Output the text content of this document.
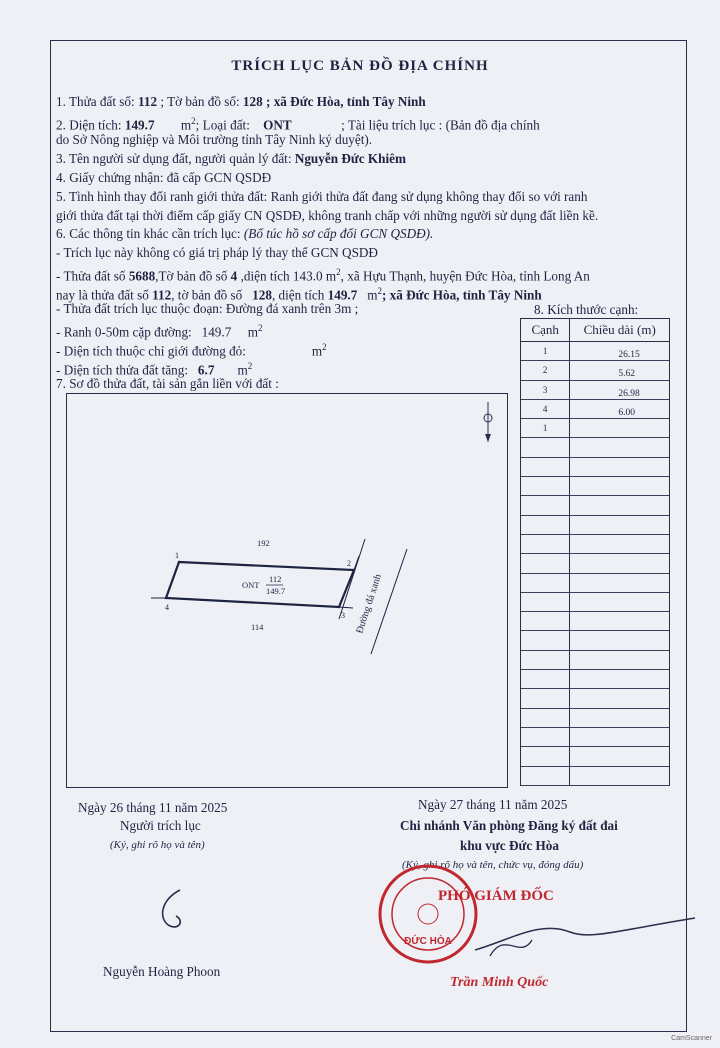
TRÍCH LỤC BẢN ĐỒ ĐỊA CHÍNH
1. Thửa đất số: 112 ; Tờ bản đồ số: 128 ; xã Đức Hòa, tỉnh Tây Ninh
2. Diện tích: 149.7 $m^2$; Loại đất: ONT	; Tài liệu trích lục : (Bản đồ địa chính
do Sở Nông nghiệp và Môi trường tỉnh Tây Ninh ký duyệt).
3. Tên người sử dụng đất, người quản lý đất: Nguyễn Đức Khiêm
4. Giấy chứng nhận: đã cấp GCN QSDĐ
5. Tình hình thay đổi ranh giới thửa đất: Ranh giới thửa đất đang sử dụng không thay đổi so với ranh
giới thửa đất tại thời điểm cấp giấy CN QSDĐ, không tranh chấp với những người sử dụng đất liền kề.
6. Các thông tin khác cần trích lục: (Bổ túc hồ sơ cấp đổi GCN QSDĐ).
- Trích lục này không có giá trị pháp lý thay thế GCN QSDĐ
- Thửa đất số 5688,Tờ bản đồ số 4 ,diện tích 143.0 $m^2$, xã Hựu Thạnh, huyện Đức Hòa, tỉnh Long An
nay là thửa đất số 112, tờ bản đồ số 128, diện tích 149.7 $m^2$; xã Đức Hòa, tỉnh Tây Ninh
- Thửa đất trích lục thuộc đoạn: Đường đá xanh trên 3m ;
- Ranh 0-50m cặp đường: 149.7 $m^2$
- Diện tích thuộc chỉ giới đường đỏ:	$m^2$
- Diện tích thửa đất tăng: 6.7 $m^2$
7. Sơ đồ thửa đất, tài sản gắn liền với đất :
1
2
3
4
192
114
ONT
112
149.7	Đường đá xanh
8. Kích thước cạnh:
Cạnh	Chiều dài (m)
1	26.15
2	5.62
3	26.98
4	6.00
1
Ngày 26 tháng 11 năm 2025
Người trích lục
(Ký, ghi rõ họ và tên)
Nguyễn Hoàng Phoon
Ngày 27 tháng 11 năm 2025
Chi nhánh Văn phòng Đăng ký đất đai
khu vực Đức Hòa
(Ký, ghi rõ họ và tên, chức vụ, đóng dấu)
ĐỨC HÒA
PHÓ GIÁM ĐỐC
Trần Minh Quốc
CamScanner
